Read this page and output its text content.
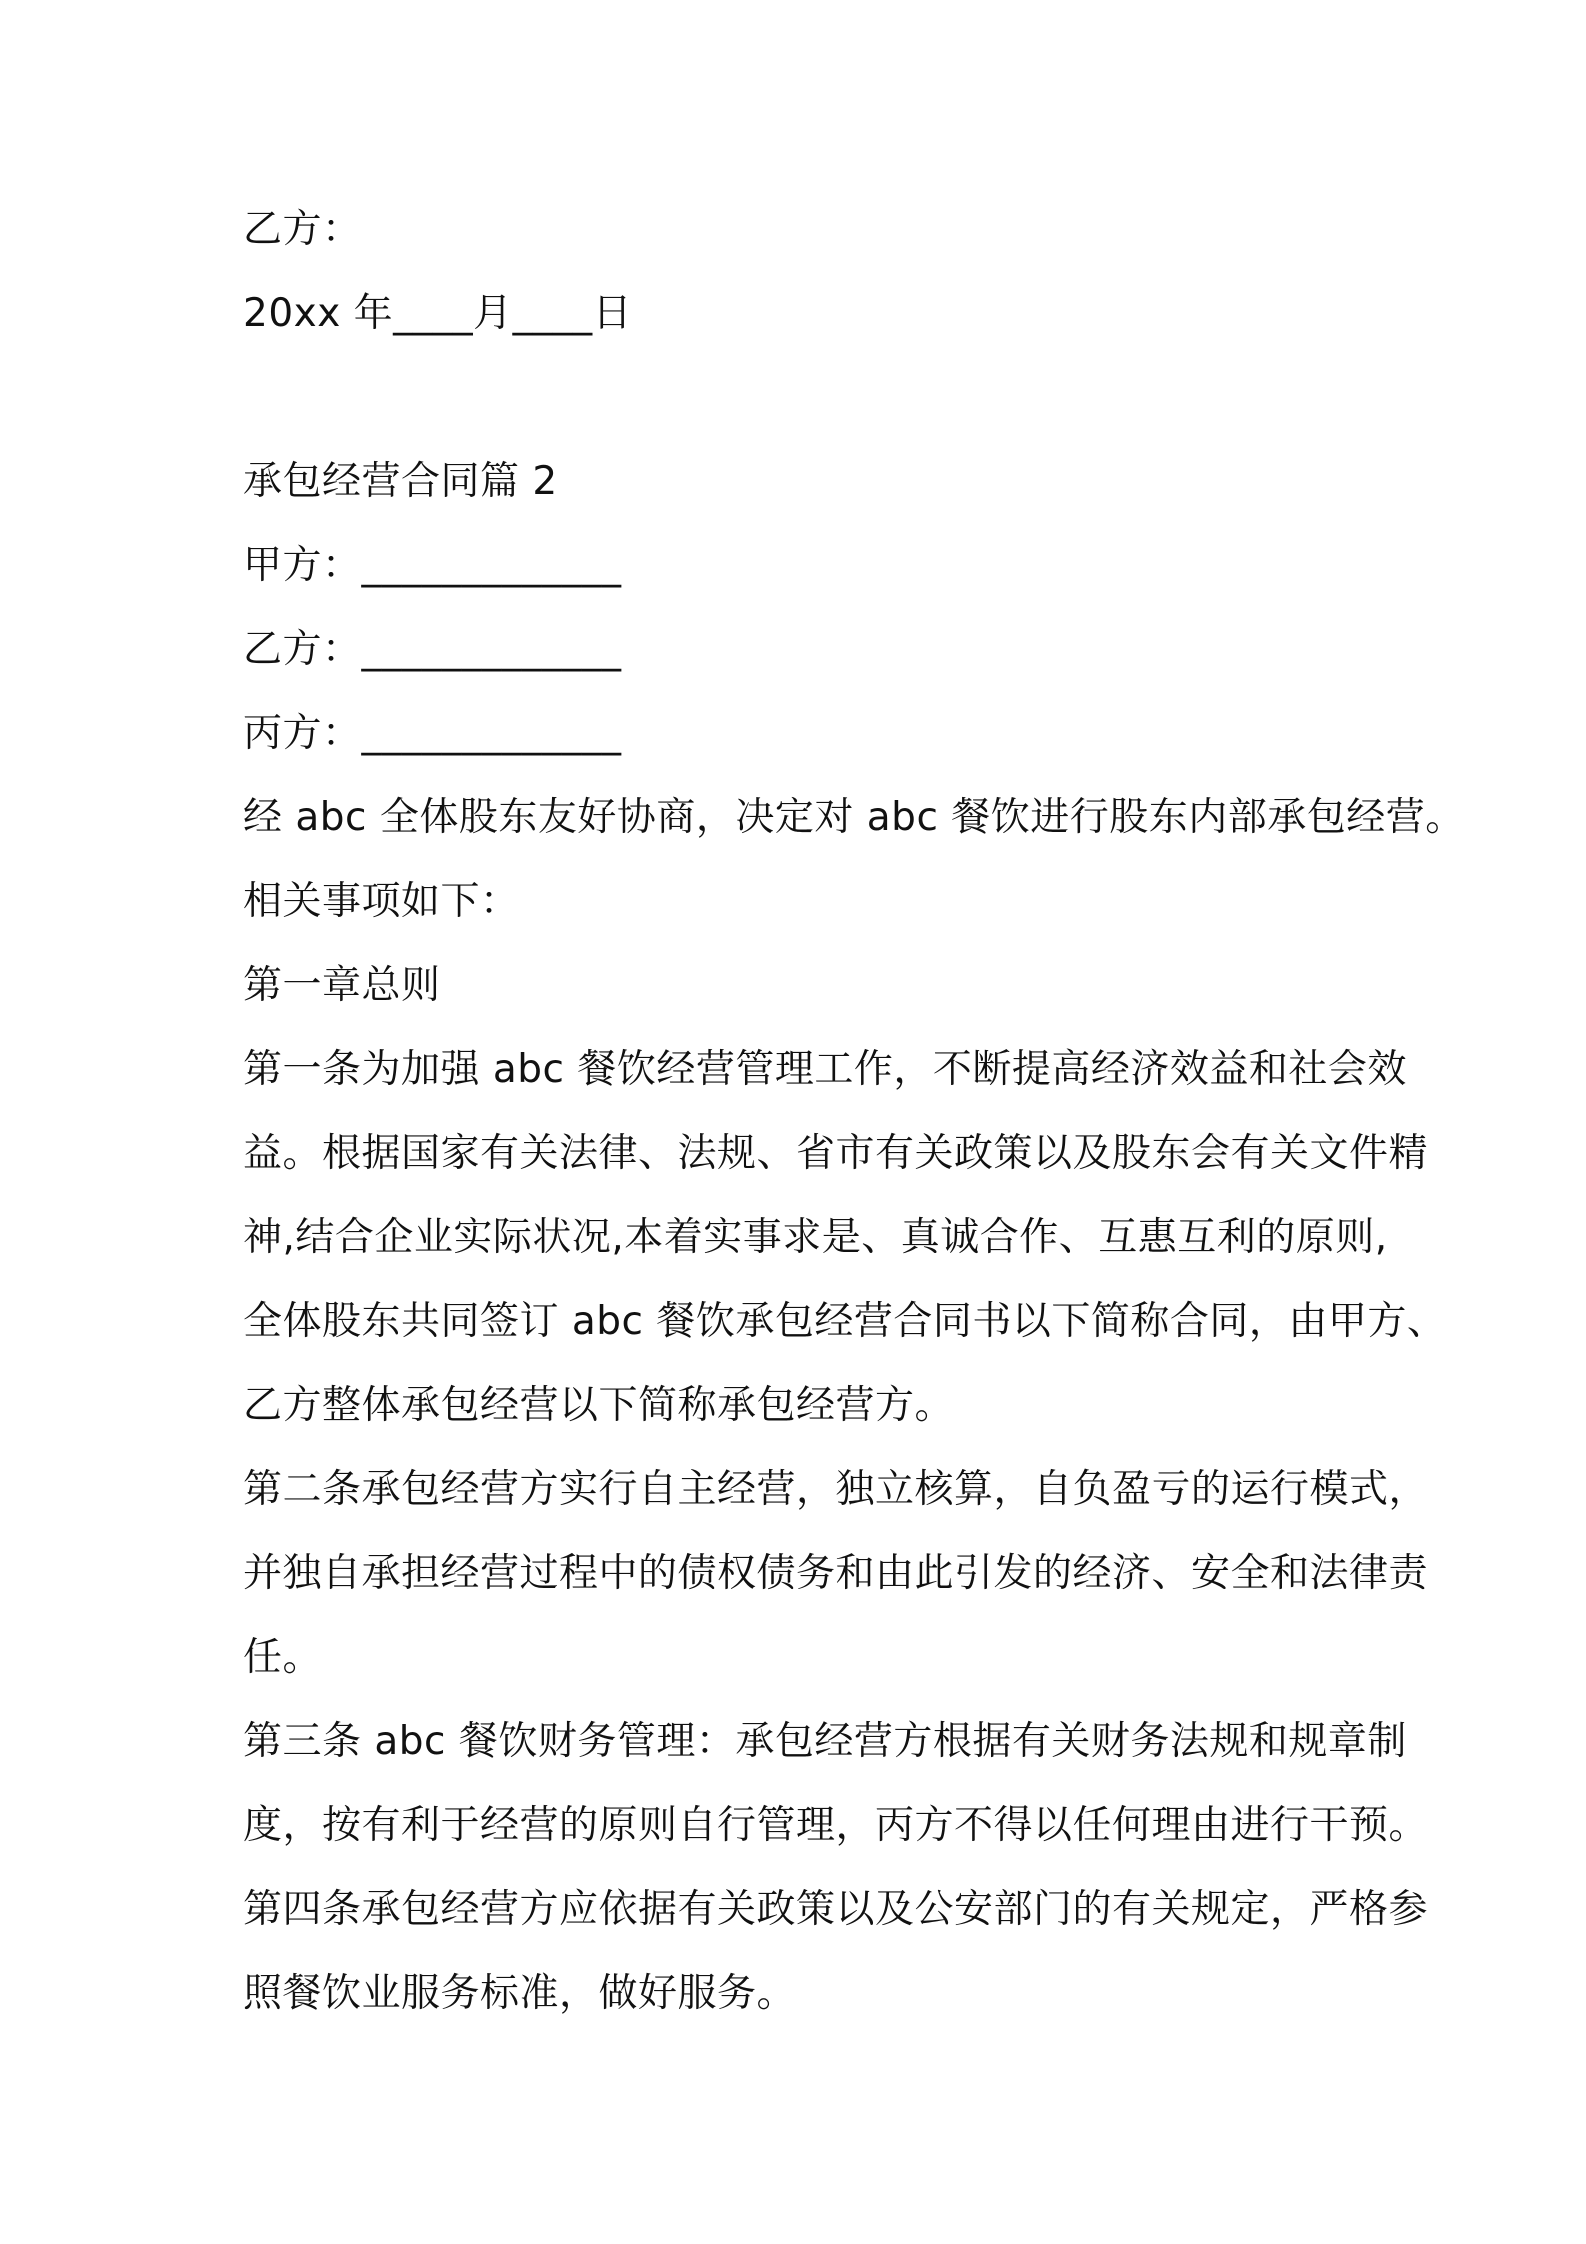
乙方：
20xx 年____月____日
承包经营合同篇 2
甲方：_____________
乙方：_____________
丙方：_____________
经 abc 全体股东友好协商，决定对 abc 餐饮进行股东内部承包经营。
相关事项如下：
第一章总则
第一条为加强 abc 餐饮经营管理工作，不断提高经济效益和社会效
益。根据国家有关法律、法规、省市有关政策以及股东会有关文件精
神,结合企业实际状况,本着实事求是、真诚合作、互惠互利的原则,
全体股东共同签订 abc 餐饮承包经营合同书以下简称合同，由甲方、
乙方整体承包经营以下简称承包经营方。
第二条承包经营方实行自主经营，独立核算，自负盈亏的运行模式，
并独自承担经营过程中的债权债务和由此引发的经济、安全和法律责
任。
第三条 abc 餐饮财务管理：承包经营方根据有关财务法规和规章制
度，按有利于经营的原则自行管理，丙方不得以任何理由进行干预。
第四条承包经营方应依据有关政策以及公安部门的有关规定，严格参
照餐饮业服务标准，做好服务。
